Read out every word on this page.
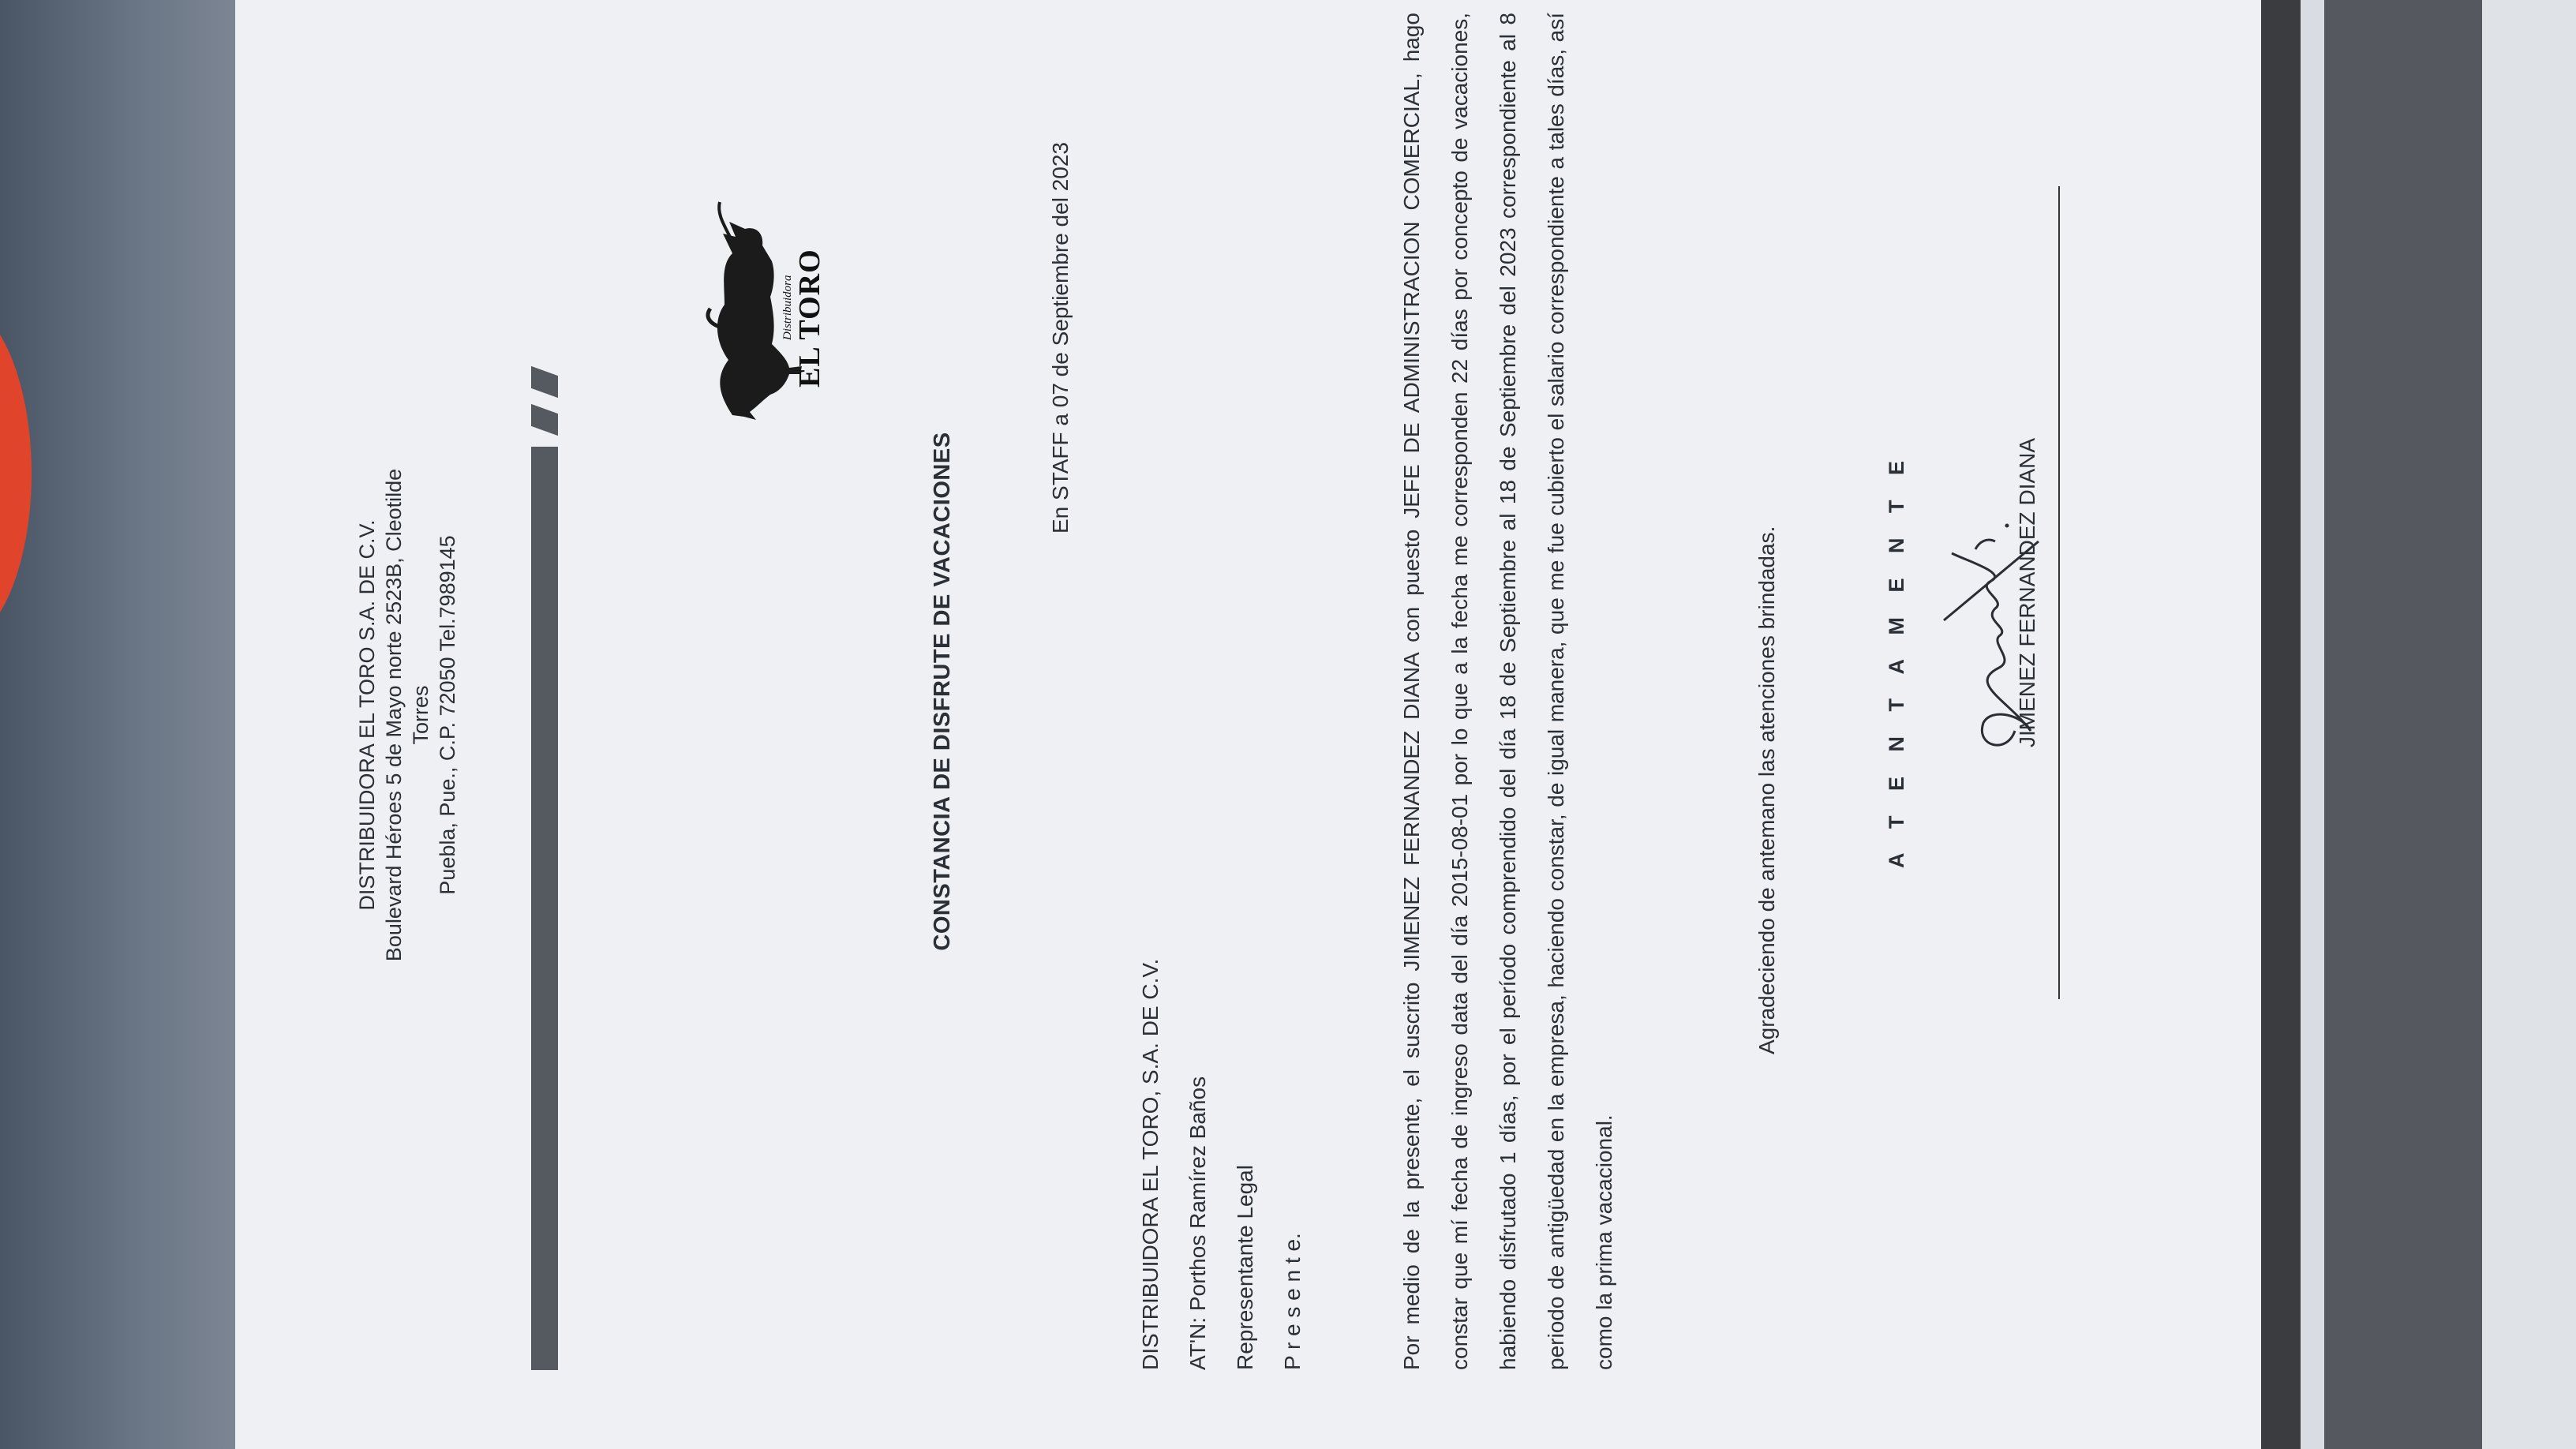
DISTRIBUIDORA EL TORO S.A. DE C.V. Boulevard Héroes 5 de Mayo norte 2523B, Cleotilde Torres Puebla, Pue., C.P. 72050 Tel.7989145
Distribuidora EL TORO
CONSTANCIA DE DISFRUTE DE VACACIONES
En STAFF a 07 de Septiembre del 2023
DISTRIBUIDORA EL TORO, S.A. DE C.V.	AT'N: Porthos Ramírez Baños	Representante Legal	P r e s e n t e.	Por medio de la presente, el suscrito JIMENEZ FERNANDEZ DIANA con puesto JEFE DE ADMINISTRACION COMERCIAL, hago constar que mí fecha de ingreso data del día 2015-08-01 por lo que a la fecha me corresponden 22 días por concepto de vacaciones, habiendo disfrutado 1 días, por el período comprendido del día 18 de Septiembre al 18 de Septiembre del 2023 correspondiente al 8 periodo de antigüedad en la empresa, haciendo constar, de igual manera, que me fue cubierto el salario correspondiente a tales días, así como la prima vacacional.
Agradeciendo de antemano las atenciones brindadas.	A T E N T A M E N T E	JIMENEZ FERNANDEZ DIANA
